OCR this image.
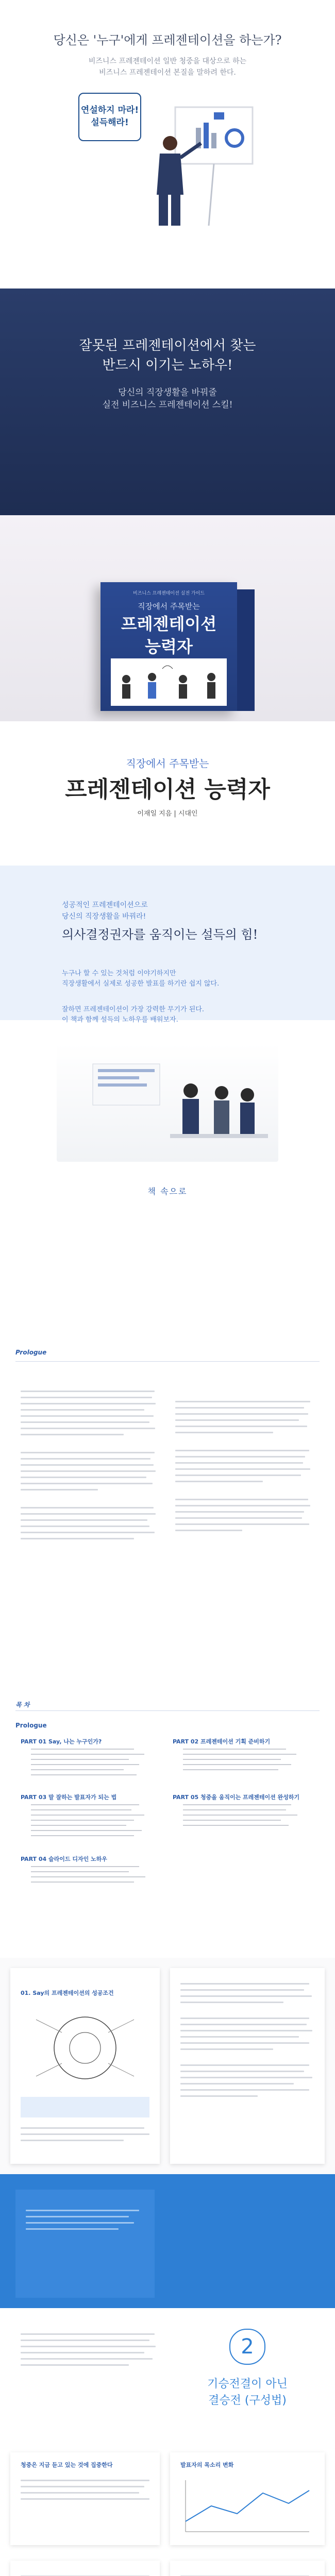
당신은 '누구'에게 프레젠테이션을 하는가?
비즈니스 프레젠테이션 일반 청중을 대상으로 하는
비즈니스 프레젠테이션 본질을 말하려 한다.
연설하지 마라!
설득해라!
잘못된 프레젠테이션에서 찾는
반드시 이기는 노하우!
당신의 직장생활을 바꿔줄
실전 비즈니스 프레젠테이션 스킬!
비즈니스 프레젠테이션 실전 가이드
직장에서 주목받는
프레젠테이션
능력자
직장에서 주목받는
프레젠테이션 능력자
이재일 지음 | 시대인
성공적인 프레젠테이션으로
당신의 직장생활을 바꿔라!
의사결정권자를 움직이는 설득의 힘!
누구나 할 수 있는 것처럼 이야기하지만
직장생활에서 실제로 성공한 발표를 하기란 쉽지 않다.
잘하면 프레젠테이션이 가장 강력한 무기가 된다.
이 책과 함께 설득의 노하우를 배워보자.
책 속으로
Prologue
목 차
Prologue
PART 01 Say, 나는 누구인가?
PART 03 말 잘하는 발표자가 되는 법
PART 02 프레젠테이션 기획 준비하기
PART 05 청중을 움직이는 프레젠테이션 완성하기
PART 04 슬라이드 디자인 노하우
01. Say의 프레젠테이션의 성공조건
2
기승전결이 아닌
결승전 (구성법)
청중은 지금 듣고 있는 것에 집중한다	발표자의 목소리 변화
